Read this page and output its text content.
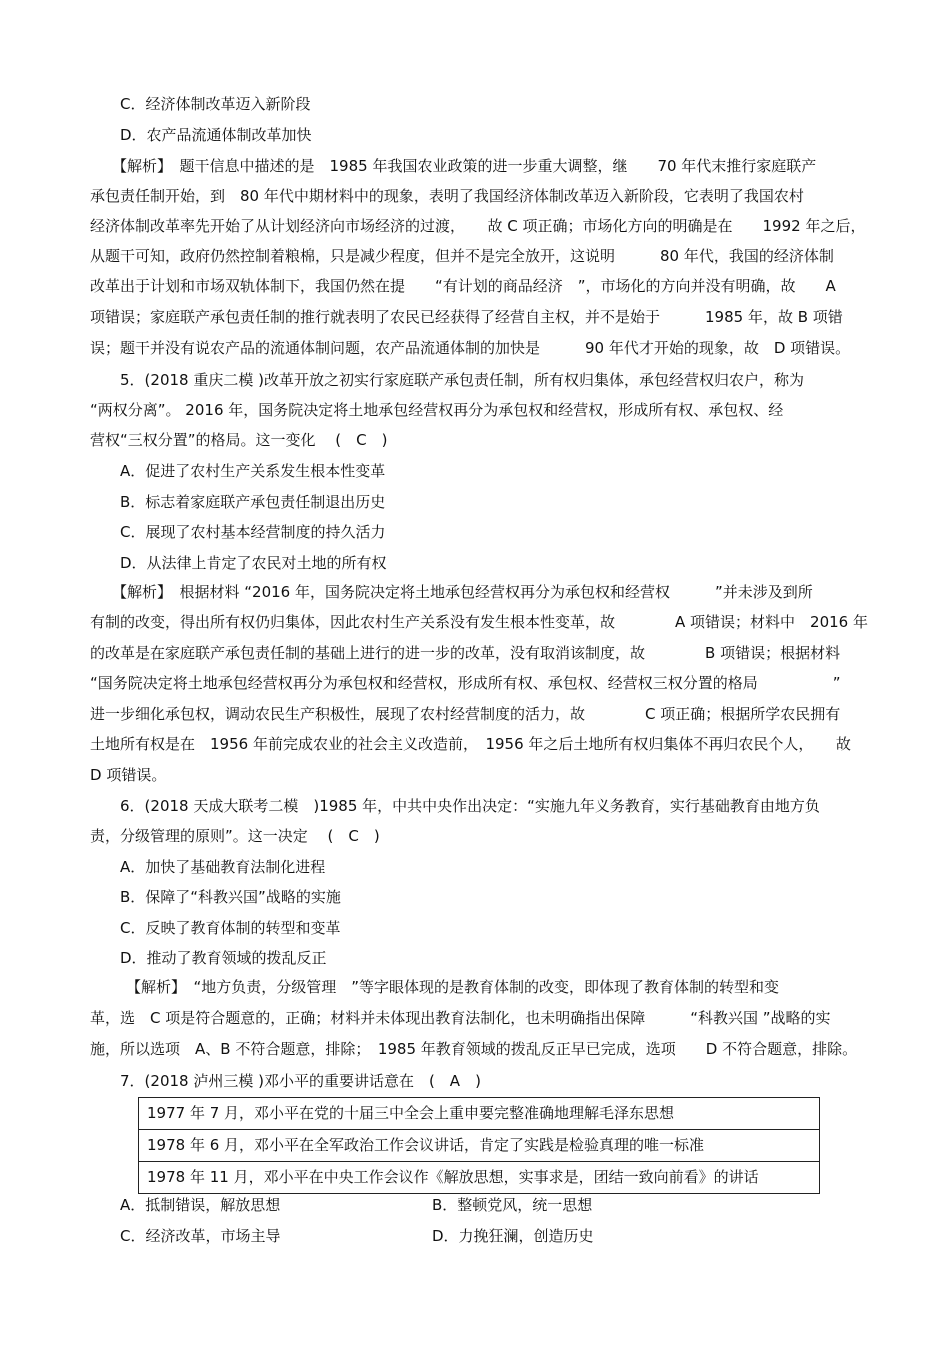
C．经济体制改革迈入新阶段
D．农产品流通体制改革加快
【解析】　题干信息中描述的是　1985 年我国农业政策的进一步重大调整，继　　70 年代末推行家庭联产
承包责任制开始，到　80 年代中期材料中的现象，表明了我国经济体制改革迈入新阶段，它表明了我国农村
经济体制改革率先开始了从计划经济向市场经济的过渡，　　故 C 项正确；市场化方向的明确是在　　1992 年之后，
从题干可知，政府仍然控制着粮棉，只是减少程度，但并不是完全放开，这说明　　　80 年代，我国的经济体制
改革出于计划和市场双轨体制下，我国仍然在提　　“有计划的商品经济　”，市场化的方向并没有明确，故　　A
项错误；家庭联产承包责任制的推行就表明了农民已经获得了经营自主权，并不是始于　　　1985 年，故 B 项错
误；题干并没有说农产品的流通体制问题，农产品流通体制的加快是　　　90 年代才开始的现象，故　D 项错误。
5．(2018 重庆二模 )改革开放之初实行家庭联产承包责任制，所有权归集体，承包经营权归农户，称为
“两权分离”。 2016 年，国务院决定将土地承包经营权再分为承包权和经营权，形成所有权、承包权、经
营权“三权分置”的格局。这一变化　 (　C　)
A．促进了农村生产关系发生根本性变革
B．标志着家庭联产承包责任制退出历史
C．展现了农村基本经营制度的持久活力
D．从法律上肯定了农民对土地的所有权
【解析】　根据材料 “2016 年，国务院决定将土地承包经营权再分为承包权和经营权　　　”并未涉及到所
有制的改变，得出所有权仍归集体，因此农村生产关系没有发生根本性变革，故　　　　A 项错误；材料中　2016 年
的改革是在家庭联产承包责任制的基础上进行的进一步的改革，没有取消该制度，故　　　　B 项错误；根据材料
“国务院决定将土地承包经营权再分为承包权和经营权，形成所有权、承包权、经营权三权分置的格局　　　　　”
进一步细化承包权，调动农民生产积极性，展现了农村经营制度的活力，故　　　　C 项正确；根据所学农民拥有
土地所有权是在　1956 年前完成农业的社会主义改造前，　1956 年之后土地所有权归集体不再归农民个人，　　故
D 项错误。
6．(2018 天成大联考二模　)1985 年，中共中央作出决定：“实施九年义务教育，实行基础教育由地方负
责，分级管理的原则”。这一决定　 (　C　)
A．加快了基础教育法制化进程
B．保障了“科教兴国”战略的实施
C．反映了教育体制的转型和变革
D．推动了教育领域的拨乱反正
【解析】　“地方负责，分级管理　”等字眼体现的是教育体制的改变，即体现了教育体制的转型和变
革，选　C 项是符合题意的，正确；材料并未体现出教育法制化，也未明确指出保障　　　“科教兴国 ”战略的实
施，所以选项　A、B 不符合题意，排除；　1985 年教育领域的拨乱反正早已完成，选项　　D 不符合题意，排除。
7．(2018 泸州三模 )邓小平的重要讲话意在　(　A　)
1977 年 7 月，邓小平在党的十届三中全会上重申要完整准确地理解毛泽东思想
1978 年 6 月，邓小平在全军政治工作会议讲话，肯定了实践是检验真理的唯一标准
1978 年 11 月，邓小平在中央工作会议作《解放思想，实事求是，团结一致向前看》的讲话
A．抵制错误，解放思想	B．整顿党风，统一思想
C．经济改革，市场主导	D．力挽狂澜，创造历史
